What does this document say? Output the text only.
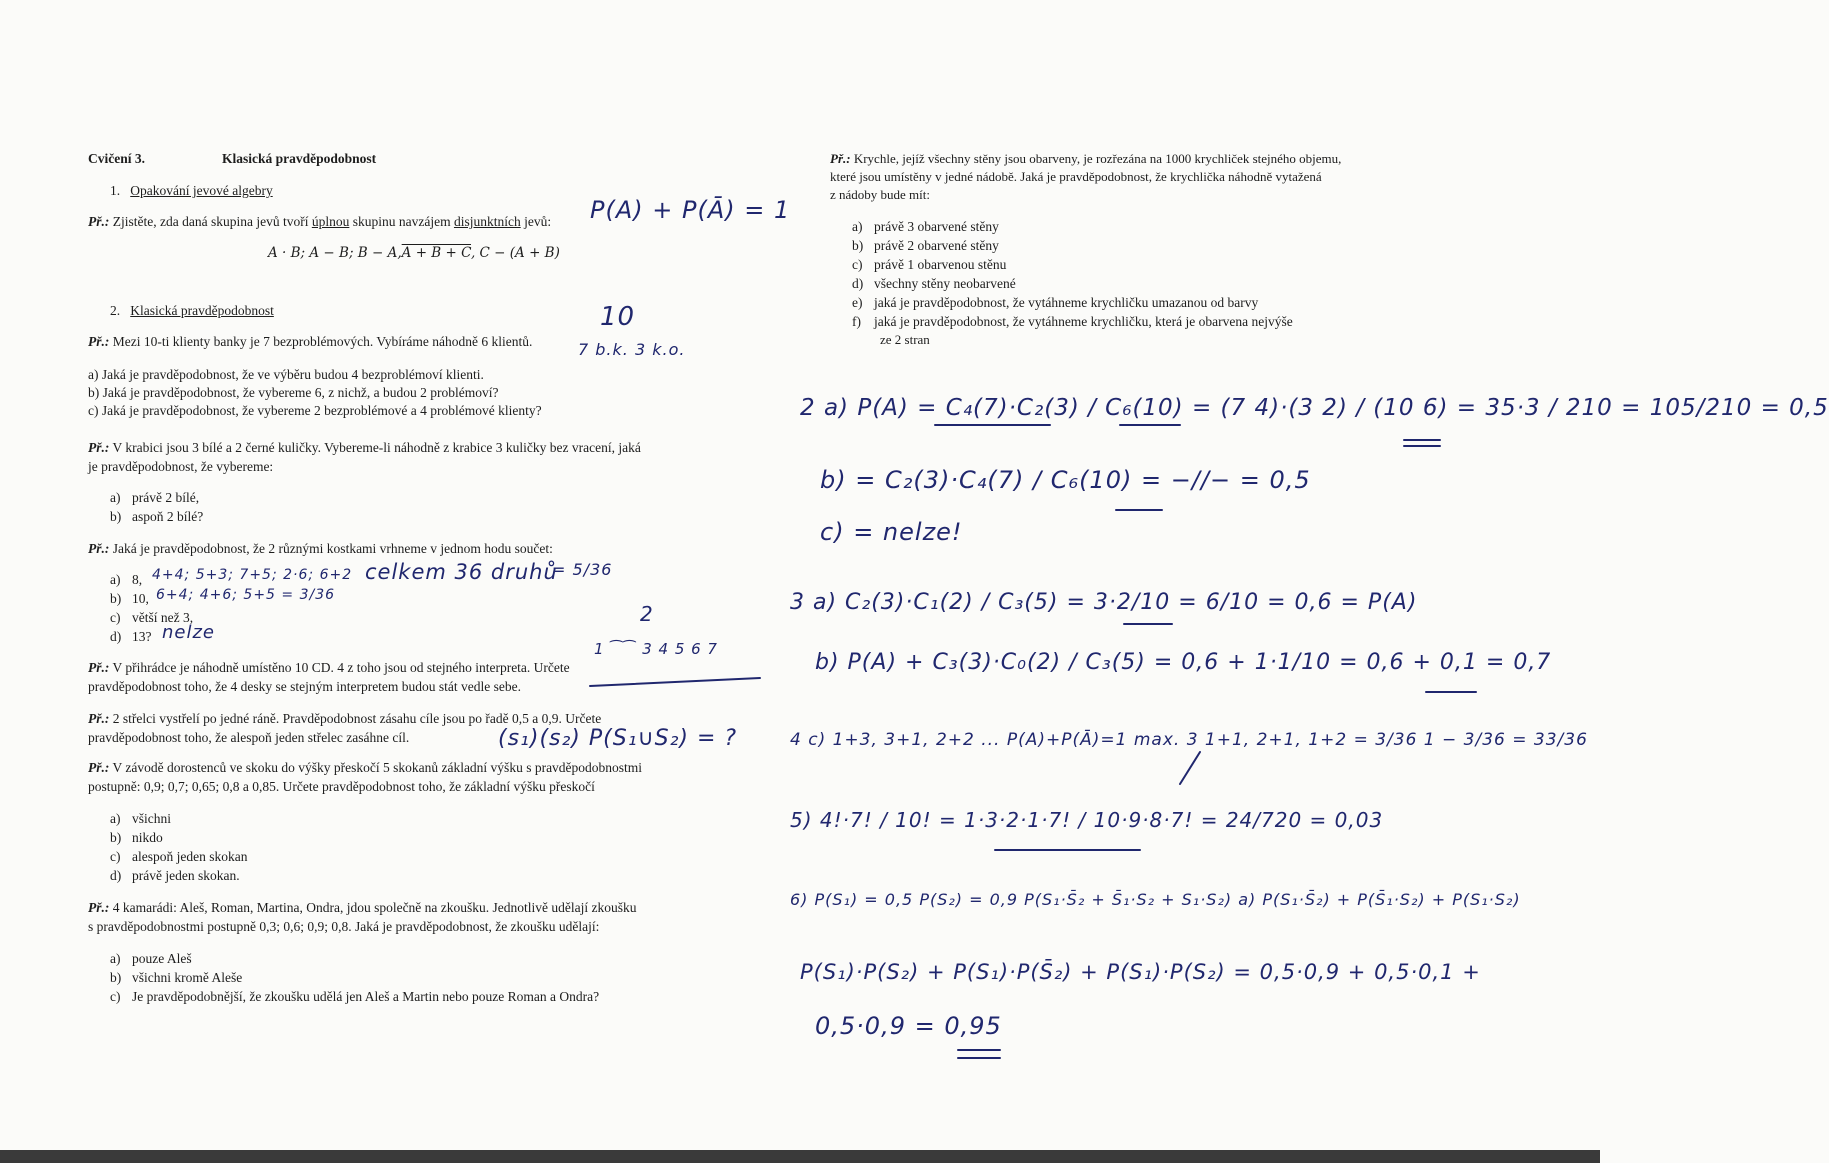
Cvičení 3.	Klasická pravděpodobnost
1. Opakování jevové algebry
Př.: Zjistěte, zda daná skupina jevů tvoří úplnou skupinu navzájem disjunktních jevů:
A · B; A − B; B − A,A + B + C, C − (A + B)
2. Klasická pravděpodobnost
Př.: Mezi 10-ti klienty banky je 7 bezproblémových. Vybíráme náhodně 6 klientů.
a) Jaká je pravděpodobnost, že ve výběru budou 4 bezproblémoví klienti.
b) Jaká je pravděpodobnost, že vybereme 6, z nichž, a budou 2 problémoví?
c) Jaká je pravděpodobnost, že vybereme 2 bezproblémové a 4 problémové klienty?
Př.: V krabici jsou 3 bílé a 2 černé kuličky. Vybereme-li náhodně z krabice 3 kuličky bez vracení, jaká
je pravděpodobnost, že vybereme:
a) právě 2 bílé,
b) aspoň 2 bílé?
Př.: Jaká je pravděpodobnost, že 2 různými kostkami vrhneme v jednom hodu součet:
a) 8,
b) 10,
c) větší než 3,
d) 13?
Př.: V přihrádce je náhodně umístěno 10 CD. 4 z toho jsou od stejného interpreta. Určete
pravděpodobnost toho, že 4 desky se stejným interpretem budou stát vedle sebe.
Př.: 2 střelci vystřelí po jedné ráně. Pravděpodobnost zásahu cíle jsou po řadě 0,5 a 0,9. Určete
pravděpodobnost toho, že alespoň jeden střelec zasáhne cíl.
Př.: V závodě dorostenců ve skoku do výšky přeskočí 5 skokanů základní výšku s pravděpodobnostmi
postupně: 0,9; 0,7; 0,65; 0,8 a 0,85. Určete pravděpodobnost toho, že základní výšku přeskočí
a) všichni
b) nikdo
c) alespoň jeden skokan
d) právě jeden skokan.
Př.: 4 kamarádi: Aleš, Roman, Martina, Ondra, jdou společně na zkoušku. Jednotlivě udělají zkoušku
s pravděpodobnostmi postupně 0,3; 0,6; 0,9; 0,8. Jaká je pravděpodobnost, že zkoušku udělají:
a) pouze Aleš
b) všichni kromě Aleše
c) Je pravděpodobnější, že zkoušku udělá jen Aleš a Martin nebo pouze Roman a Ondra?
Př.: Krychle, jejíž všechny stěny jsou obarveny, je rozřezána na 1000 krychliček stejného objemu,
které jsou umístěny v jedné nádobě. Jaká je pravděpodobnost, že krychlička náhodně vytažená
z nádoby bude mít:
a) právě 3 obarvené stěny
b) právě 2 obarvené stěny
c) právě 1 obarvenou stěnu
d) všechny stěny neobarvené
e) jaká je pravděpodobnost, že vytáhneme krychličku umazanou od barvy
f) jaká je pravděpodobnost, že vytáhneme krychličku, která je obarvena nejvýše
ze 2 stran
P(A) + P(Ā) = 1
10
7 b.k. 3 k.o.
4+4; 5+3; 7+5; 2·6; 6+2 celkem 36 druhů
= 5/36
6+4; 4+6; 5+5 = 3/36
nelze
2
1 ⁀⁀ 3 4 5 6 7
(s₁)(s₂) P(S₁∪S₂) = ?
2 a) P(A) = C₄(7)·C₂(3) / C₆(10) = (7 4)·(3 2) / (10 6) = 35·3 / 210 = 105/210 = 0,5
b) = C₂(3)·C₄(7) / C₆(10) = −//− = 0,5
c) = nelze!
3 a) C₂(3)·C₁(2) / C₃(5) = 3·2/10 = 6/10 = 0,6 = P(A)
b) P(A) + C₃(3)·C₀(2) / C₃(5) = 0,6 + 1·1/10 = 0,6 + 0,1 = 0,7
4 c) 1+3, 3+1, 2+2 ... P(A)+P(Ā)=1 max. 3 1+1, 2+1, 1+2 = 3/36 1 − 3/36 = 33/36
5) 4!·7! / 10! = 1·3·2·1·7! / 10·9·8·7! = 24/720 = 0,03
6) P(S₁) = 0,5 P(S₂) = 0,9 P(S₁·S̄₂ + S̄₁·S₂ + S₁·S₂) a) P(S₁·S̄₂) + P(S̄₁·S₂) + P(S₁·S₂)
P(S₁)·P(S₂) + P(S₁)·P(S̄₂) + P(S₁)·P(S₂) = 0,5·0,9 + 0,5·0,1 +
0,5·0,9 = 0,95
